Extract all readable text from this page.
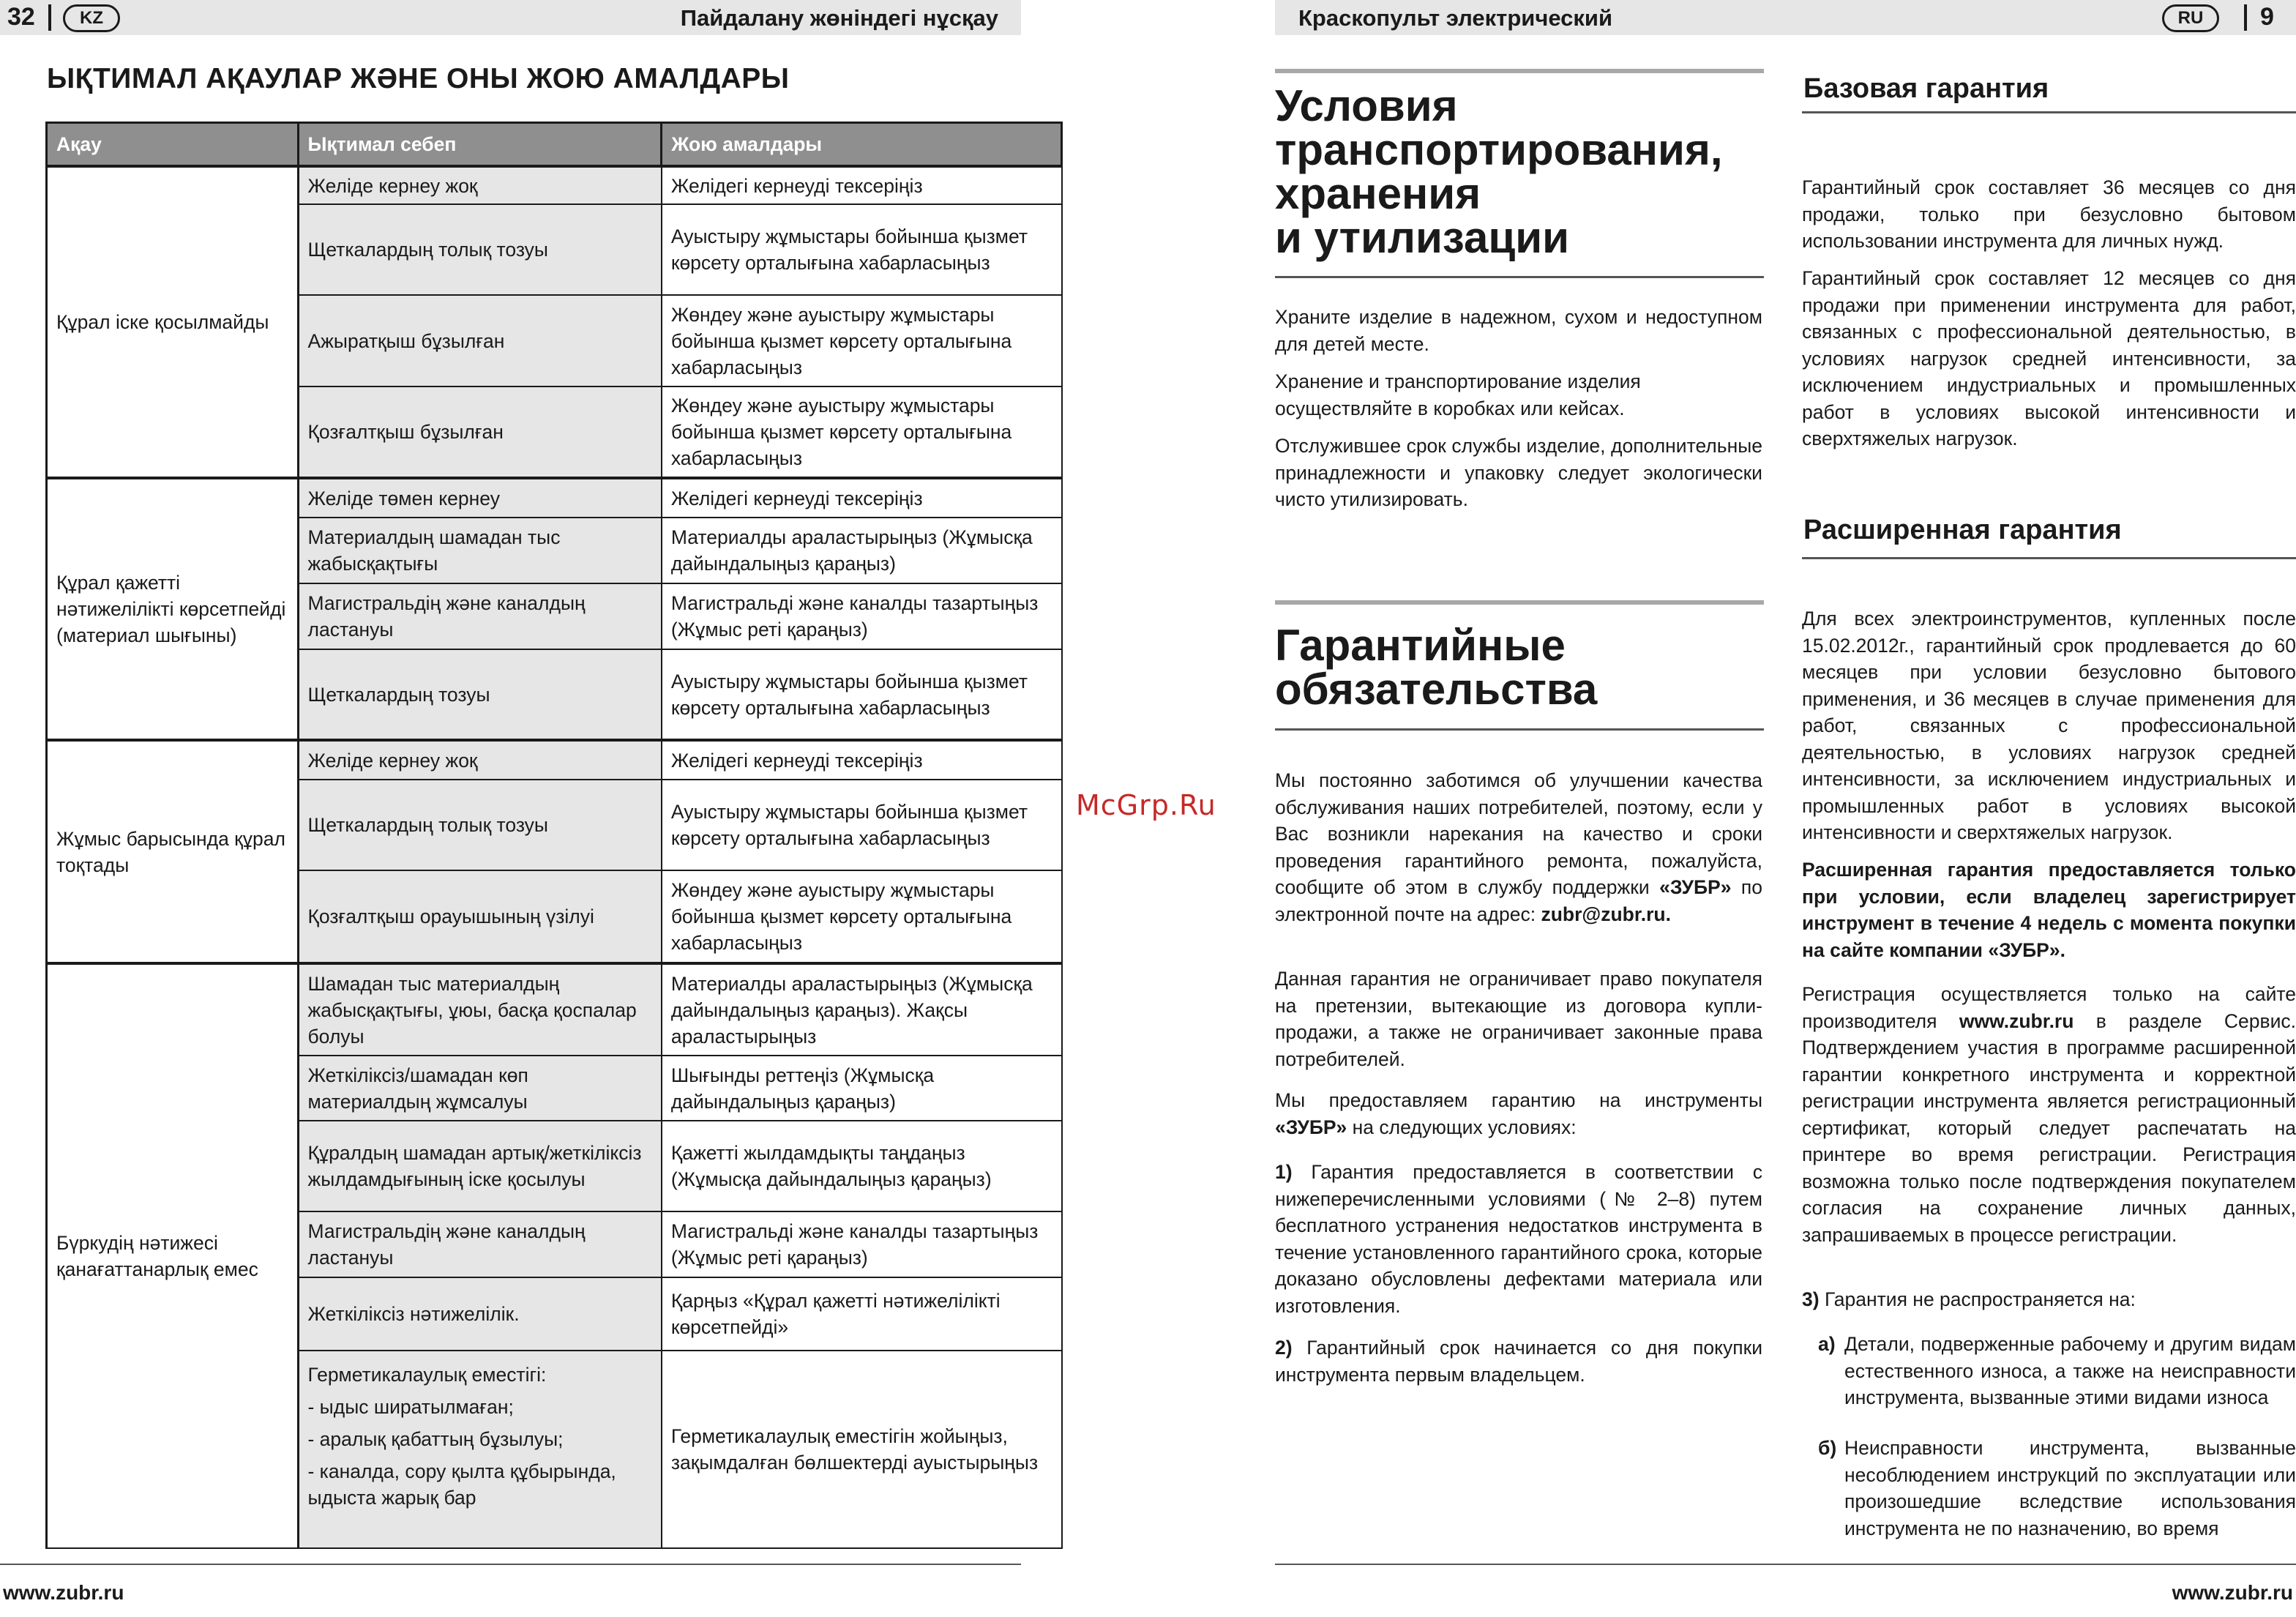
32	KZ	Пайдалану жөніндегі нұсқау
ЫҚТИМАЛ АҚАУЛАР ЖӘНЕ ОНЫ ЖОЮ АМАЛДАРЫ
Ақау	Ықтимал себеп	Жою амалдары
Құрал іске қосылмайды	Желіде кернеу жоқ	Желідегі кернеуді тексеріңіз
	Щеткалардың толық тозуы	Ауыстыру жұмыстары бойынша қызмет көрсету орталығына хабарласыңыз
	Ажыратқыш бұзылған	Жөндеу және ауыстыру жұмыстары бойынша қызмет көрсету орталығына хабарласыңыз
	Қозғалтқыш бұзылған	Жөндеу және ауыстыру жұмыстары бойынша қызмет көрсету орталығына хабарласыңыз
Құрал қажетті нәтижелілікті көрсетпейді (материал шығыны)	Желіде төмен кернеу	Желідегі кернеуді тексеріңіз
	Материалдың шамадан тыс жабысқақтығы	Материалды араластырыңыз (Жұмысқа дайындалыңыз қараңыз)
	Магистральдің және каналдың ластануы	Магистральді және каналды тазартыңыз (Жұмыс реті қараңыз)
	Щеткалардың тозуы	Ауыстыру жұмыстары бойынша қызмет көрсету орталығына хабарласыңыз
Жұмыс барысында құрал тоқтады	Желіде кернеу жоқ	Желідегі кернеуді тексеріңіз
	Щеткалардың толық тозуы	Ауыстыру жұмыстары бойынша қызмет көрсету орталығына хабарласыңыз
	Қозғалтқыш орауышының үзілуі	Жөндеу және ауыстыру жұмыстары бойынша қызмет көрсету орталығына хабарласыңыз
Бүркудің нәтижесі қанағаттанарлық емес	Шамадан тыс материалдың жабысқақтығы, ұюы, басқа қоспалар болуы	Материалды араластырыңыз (Жұмысқа дайындалыңыз қараңыз). Жақсы араластырыңыз
	Жеткіліксіз/шамадан көп материалдың жұмсалуы	Шығынды реттеңіз (Жұмысқа дайындалыңыз қараңыз)
	Құралдың шамадан артық/жеткіліксіз жылдамдығының іске қосылуы	Қажетті жылдамдықты таңдаңыз (Жұмысқа дайындалыңыз қараңыз)
	Магистральдің және каналдың ластануы	Магистральді және каналды тазартыңыз (Жұмыс реті қараңыз)
	Жеткіліксіз нәтижелілік.	Қарңыз «Құрал қажетті нәтижелілікті көрсетпейді»

	Герметикалаулық еместігі:
- ыдыс ширатылмаған;
- аралық қабаттың бұзылуы;
- каналда, сору қылта құбырында, ыдыста жарық бар	Герметикалаулық еместігін жойыңыз, зақымдалған бөлшектерді ауыстырыңыз
www.zubr.ru
McGrp.Ru
Краскопульт электрический	RU	9
Условия
транспортирования,
хранения
и утилизации
Храните изделие в надежном, сухом и недоступном для детей месте.
Хранение и транспортирование изделия осуществляйте в коробках или кейсах.
Отслужившее срок службы изделие, дополнительные принадлежности и упаковку следует экологически чисто утилизировать.
Гарантийные
обязательства
Мы постоянно заботимся об улучшении качества обслуживания наших потребителей, поэтому, если у Вас возникли нарекания на качество и сроки проведения гарантийного ремонта, пожалуйста, сообщите об этом в службу поддержки «ЗУБР» по электронной почте на адрес: zubr@zubr.ru.
Данная гарантия не ограничивает право покупателя на претензии, вытекающие из договора купли-продажи, а также не ограничивает законные права потребителей.
Мы предоставляем гарантию на инструменты «ЗУБР» на следующих условиях:
1) Гарантия предоставляется в соответствии с нижеперечисленными условиями (№ 2–8) путем бесплатного устранения недостатков инструмента в течение установленного гарантийного срока, которые доказано обусловлены дефектами материала или изготовления.
2) Гарантийный срок начинается со дня покупки инструмента первым владельцем.
Базовая гарантия
Гарантийный срок составляет 36 месяцев со дня продажи, только при безусловно бытовом использовании инструмента для личных нужд.
Гарантийный срок составляет 12 месяцев со дня продажи при применении инструмента для работ, связанных с профессиональной деятельностью, в условиях нагрузок средней интенсивности, за исключением индустриальных и промышленных работ в условиях высокой интенсивности и сверхтяжелых нагрузок.
Расширенная гарантия
Для всех электроинструментов, купленных после 15.02.2012г., гарантийный срок продлевается до 60 месяцев при условии безусловно бытового применения, и 36 месяцев в случае применения для работ, связанных с профессиональной деятельностью, в условиях нагрузок средней интенсивности, за исключением индустриальных и промышленных работ в условиях высокой интенсивности и сверхтяжелых нагрузок.
Расширенная гарантия предоставляется только при условии, если владелец зарегистрирует инструмент в течение 4 недель с момента покупки на сайте компании «ЗУБР».
Регистрация осуществляется только на сайте производителя www.zubr.ru в разделе Сервис. Подтверждением участия в программе расширенной гарантии конкретного инструмента и корректной регистрации инструмента является регистрационный сертификат, который следует распечатать на принтере во время регистрации. Регистрация возможна только после подтверждения покупателем согласия на сохранение личных данных, запрашиваемых в процессе регистрации.
3) Гарантия не распространяется на:
а) Детали, подверженные рабочему и другим видам естественного износа, а также на неисправности инструмента, вызванные этими видами износа
б) Неисправности инструмента, вызванные несоблюдением инструкций по эксплуатации или произошедшие вследствие использования инструмента не по назначению, во время
www.zubr.ru
